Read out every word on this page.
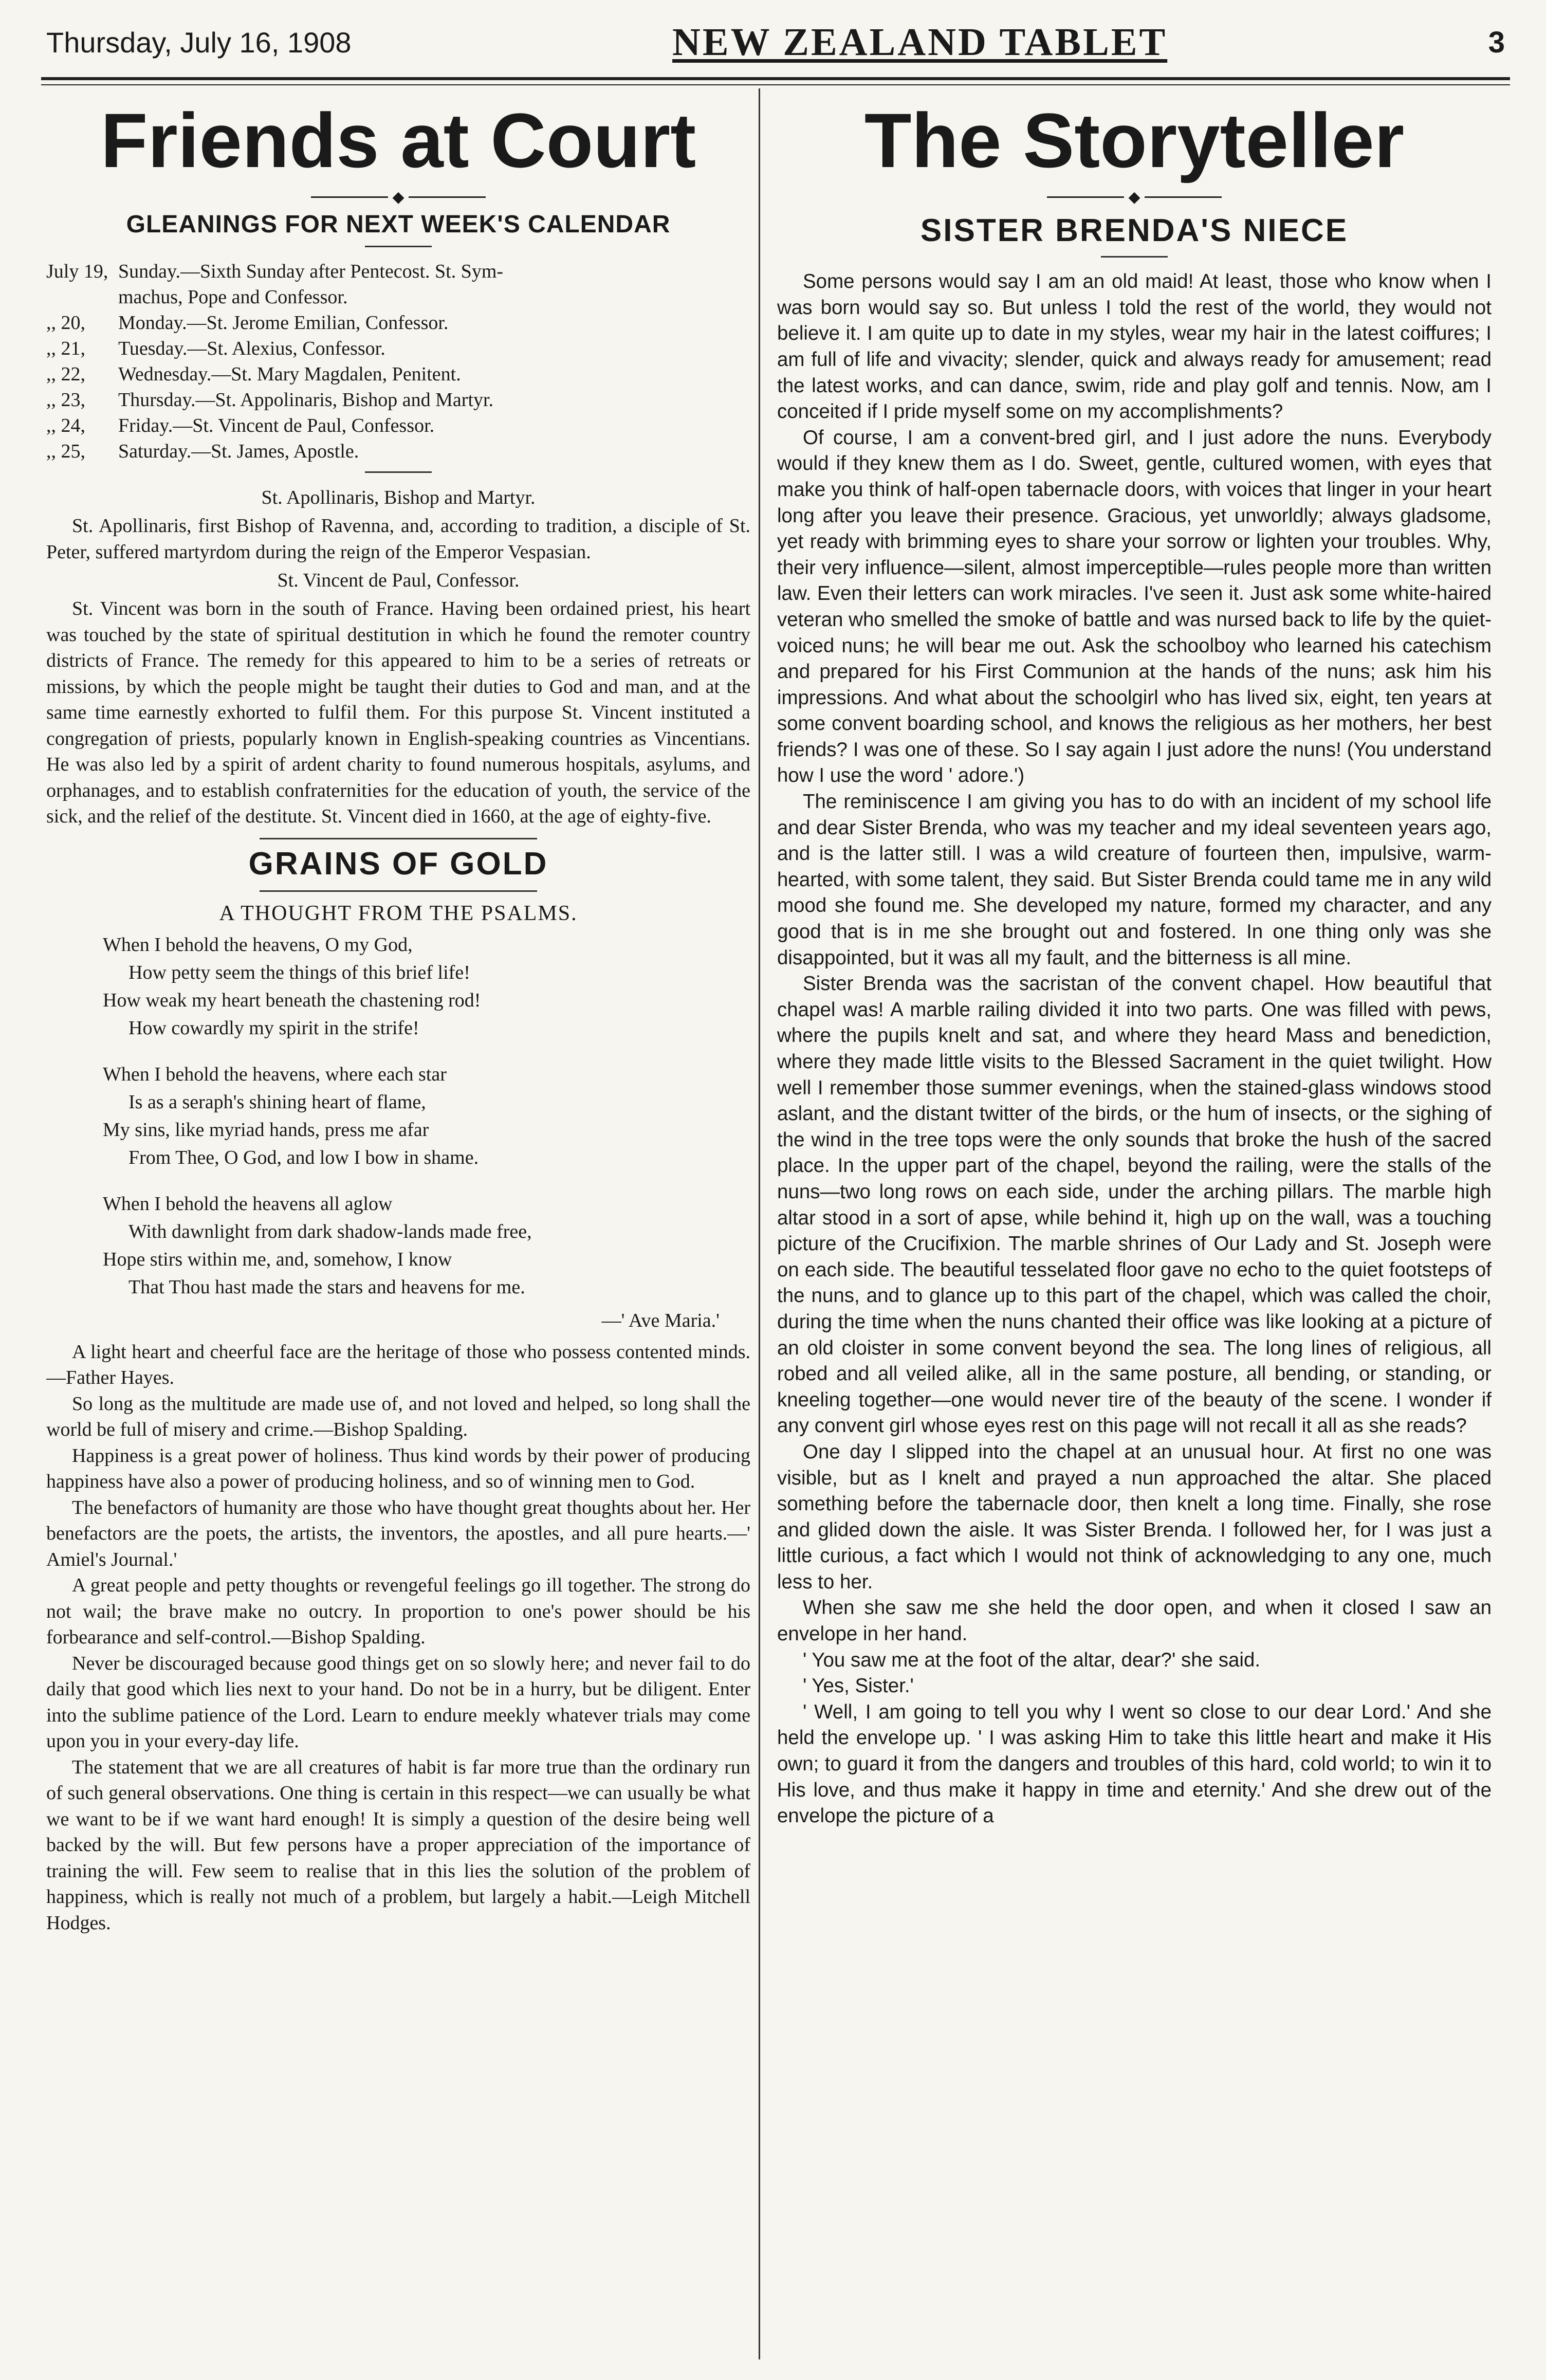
Thursday, July 16, 1908	NEW ZEALAND TABLET	3
Friends at Court
◆
GLEANINGS FOR NEXT WEEK'S CALENDAR
July 19, Sunday.—Sixth Sunday after Pentecost. St. Sym-
machus, Pope and Confessor.
,, 20,	Monday.—St. Jerome Emilian, Confessor.
,, 21,	Tuesday.—St. Alexius, Confessor.
,, 22,	Wednesday.—St. Mary Magdalen, Penitent.
,, 23,	Thursday.—St. Appolinaris, Bishop and Martyr.
,, 24,	Friday.—St. Vincent de Paul, Confessor.
,, 25,	Saturday.—St. James, Apostle.

St. Apollinaris, Bishop and Martyr.

St. Apollinaris, first Bishop of Ravenna, and, according to tradition, a disciple of St. Peter, suffered martyrdom during the reign of the Emperor Vespasian.

St. Vincent de Paul, Confessor.

St. Vincent was born in the south of France. Having been ordained priest, his heart was touched by the state of spiritual destitution in which he found the remoter country districts of France. The remedy for this appeared to him to be a series of retreats or missions, by which the people might be taught their duties to God and man, and at the same time earnestly exhorted to fulfil them. For this purpose St. Vincent instituted a congregation of priests, popularly known in English-speaking countries as Vincentians. He was also led by a spirit of ardent charity to found numerous hospitals, asylums, and orphanages, and to establish confraternities for the education of youth, the service of the sick, and the relief of the destitute. St. Vincent died in 1660, at the age of eighty-five.

GRAINS OF GOLD
A THOUGHT FROM THE PSALMS.
When I behold the heavens, O my God,
How petty seem the things of this brief life!
How weak my heart beneath the chastening rod!
How cowardly my spirit in the strife!
When I behold the heavens, where each star
Is as a seraph's shining heart of flame,
My sins, like myriad hands, press me afar
From Thee, O God, and low I bow in shame.
When I behold the heavens all aglow
With dawnlight from dark shadow-lands made free,
Hope stirs within me, and, somehow, I know
That Thou hast made the stars and heavens for me.
—' Ave Maria.'

A light heart and cheerful face are the heritage of those who possess contented minds.—Father Hayes.

So long as the multitude are made use of, and not loved and helped, so long shall the world be full of misery and crime.—Bishop Spalding.

Happiness is a great power of holiness. Thus kind words by their power of producing happiness have also a power of producing holiness, and so of winning men to God.

The benefactors of humanity are those who have thought great thoughts about her. Her benefactors are the poets, the artists, the inventors, the apostles, and all pure hearts.—' Amiel's Journal.'

A great people and petty thoughts or revengeful feelings go ill together. The strong do not wail; the brave make no outcry. In proportion to one's power should be his forbearance and self-control.—Bishop Spalding.

Never be discouraged because good things get on so slowly here; and never fail to do daily that good which lies next to your hand. Do not be in a hurry, but be diligent. Enter into the sublime patience of the Lord. Learn to endure meekly whatever trials may come upon you in your every-day life.

The statement that we are all creatures of habit is far more true than the ordinary run of such general observations. One thing is certain in this respect—we can usually be what we want to be if we want hard enough! It is simply a question of the desire being well backed by the will. But few persons have a proper appreciation of the importance of training the will. Few seem to realise that in this lies the solution of the problem of happiness, which is really not much of a problem, but largely a habit.—Leigh Mitchell Hodges.

The Storyteller
◆
SISTER BRENDA'S NIECE

Some persons would say I am an old maid! At least, those who know when I was born would say so. But unless I told the rest of the world, they would not believe it. I am quite up to date in my styles, wear my hair in the latest coiffures; I am full of life and vivacity; slender, quick and always ready for amusement; read the latest works, and can dance, swim, ride and play golf and tennis. Now, am I conceited if I pride myself some on my accomplishments?

Of course, I am a convent-bred girl, and I just adore the nuns. Everybody would if they knew them as I do. Sweet, gentle, cultured women, with eyes that make you think of half-open tabernacle doors, with voices that linger in your heart long after you leave their presence. Gracious, yet unworldly; always gladsome, yet ready with brimming eyes to share your sorrow or lighten your troubles. Why, their very influence—silent, almost imperceptible—rules people more than written law. Even their letters can work miracles. I've seen it. Just ask some white-haired veteran who smelled the smoke of battle and was nursed back to life by the quiet-voiced nuns; he will bear me out. Ask the schoolboy who learned his catechism and prepared for his First Communion at the hands of the nuns; ask him his impressions. And what about the schoolgirl who has lived six, eight, ten years at some convent boarding school, and knows the religious as her mothers, her best friends? I was one of these. So I say again I just adore the nuns! (You understand how I use the word ' adore.')

The reminiscence I am giving you has to do with an incident of my school life and dear Sister Brenda, who was my teacher and my ideal seventeen years ago, and is the latter still. I was a wild creature of fourteen then, impulsive, warm-hearted, with some talent, they said. But Sister Brenda could tame me in any wild mood she found me. She developed my nature, formed my character, and any good that is in me she brought out and fostered. In one thing only was she disappointed, but it was all my fault, and the bitterness is all mine.

Sister Brenda was the sacristan of the convent chapel. How beautiful that chapel was! A marble railing divided it into two parts. One was filled with pews, where the pupils knelt and sat, and where they heard Mass and benediction, where they made little visits to the Blessed Sacrament in the quiet twilight. How well I remember those summer evenings, when the stained-glass windows stood aslant, and the distant twitter of the birds, or the hum of insects, or the sighing of the wind in the tree tops were the only sounds that broke the hush of the sacred place. In the upper part of the chapel, beyond the railing, were the stalls of the nuns—two long rows on each side, under the arching pillars. The marble high altar stood in a sort of apse, while behind it, high up on the wall, was a touching picture of the Crucifixion. The marble shrines of Our Lady and St. Joseph were on each side. The beautiful tesselated floor gave no echo to the quiet footsteps of the nuns, and to glance up to this part of the chapel, which was called the choir, during the time when the nuns chanted their office was like looking at a picture of an old cloister in some convent beyond the sea. The long lines of religious, all robed and all veiled alike, all in the same posture, all bending, or standing, or kneeling together—one would never tire of the beauty of the scene. I wonder if any convent girl whose eyes rest on this page will not recall it all as she reads?

One day I slipped into the chapel at an unusual hour. At first no one was visible, but as I knelt and prayed a nun approached the altar. She placed something before the tabernacle door, then knelt a long time. Finally, she rose and glided down the aisle. It was Sister Brenda. I followed her, for I was just a little curious, a fact which I would not think of acknowledging to any one, much less to her.

When she saw me she held the door open, and when it closed I saw an envelope in her hand.

' You saw me at the foot of the altar, dear?' she said.

' Yes, Sister.'

' Well, I am going to tell you why I went so close to our dear Lord.' And she held the envelope up. ' I was asking Him to take this little heart and make it His own; to guard it from the dangers and troubles of this hard, cold world; to win it to His love, and thus make it happy in time and eternity.' And she drew out of the envelope the picture of a
